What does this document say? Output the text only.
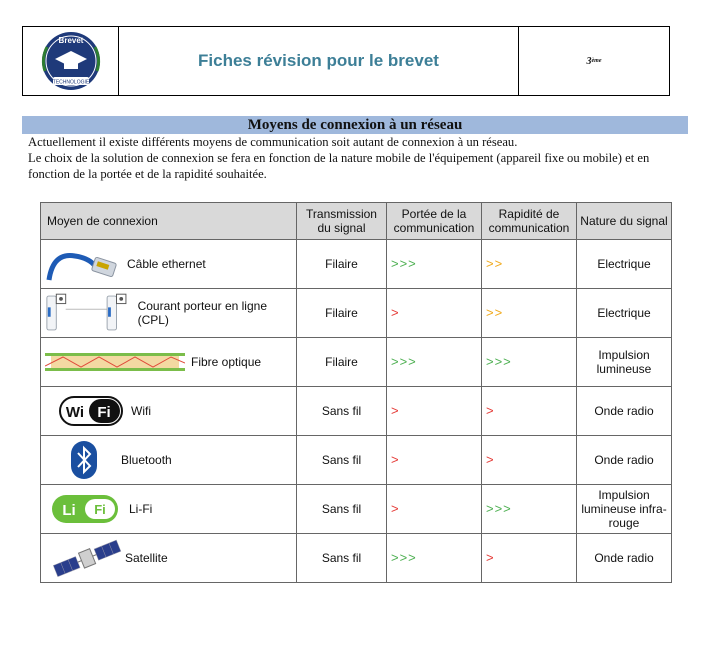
Brevet
TECHNOLOGIE
Fiches révision pour le brevet	3 ème
Moyens de connexion à un réseau

Actuellement il existe différents moyens de communication soit autant de connexion à un réseau.

Le choix de la solution de connexion se fera en fonction de la nature mobile de l'équipement (appareil fixe ou mobile) et en fonction de la portée et de la rapidité souhaitée.

Moyen de connexion	Transmission du signal	Portée de la communication	Rapidité de communication	Nature du signal

Câble ethernet	Filaire	>>>	>>	Electrique

Courant porteur en ligne (CPL)	Filaire	>	>>	Electrique

Fibre optique	Filaire	>>>	>>>	Impulsion lumineuse

Wi Fi Wifi	Sans fil	>	>	Onde radio

Bluetooth	Sans fil	>	>	Onde radio

Li Fi Li-Fi	Sans fil	>	>>>	Impulsion lumineuse infra-rouge

Satellite	Sans fil	>>>	>	Onde radio
